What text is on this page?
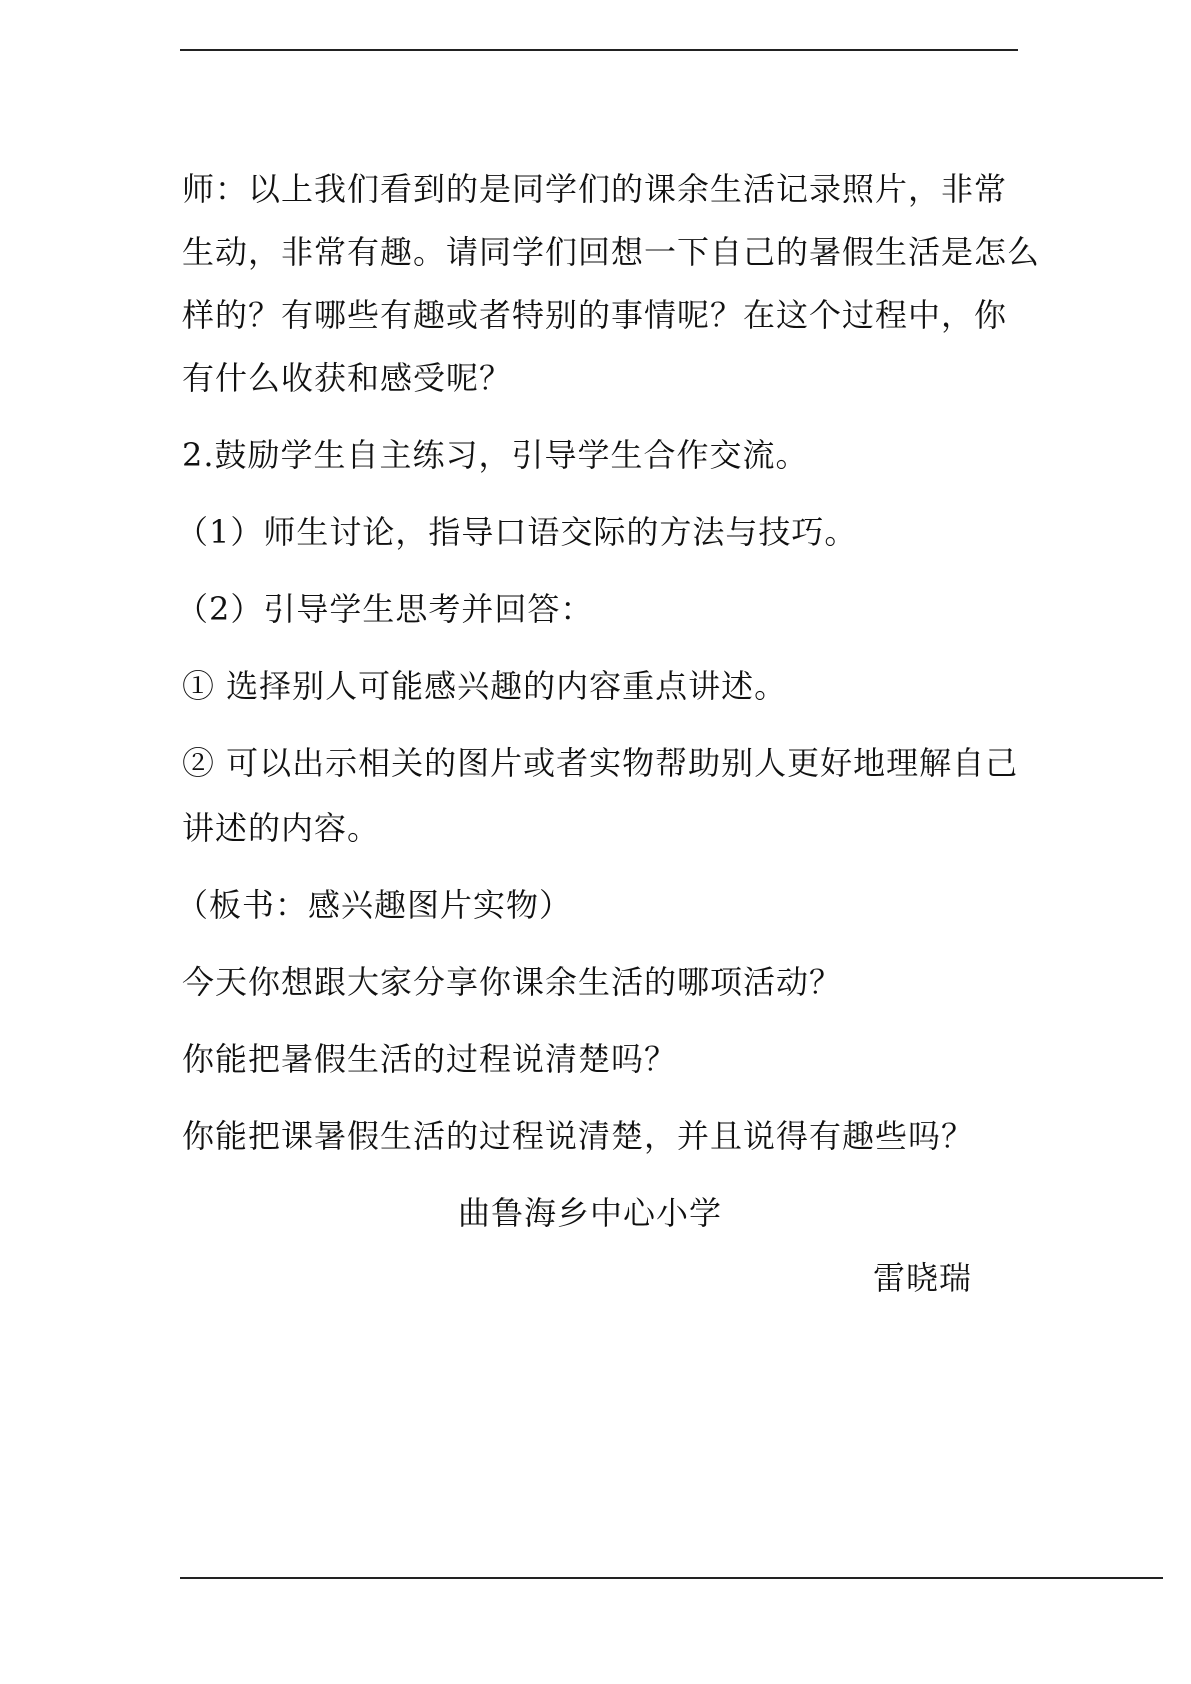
师：以上我们看到的是同学们的课余生活记录照片，非常
生动，非常有趣。请同学们回想一下自己的暑假生活是怎么
样的？有哪些有趣或者特别的事情呢？在这个过程中，你
有什么收获和感受呢？
2.鼓励学生自主练习，引导学生合作交流。
（1）师生讨论，指导口语交际的方法与技巧。
（2）引导学生思考并回答：
① 选择别人可能感兴趣的内容重点讲述。
② 可以出示相关的图片或者实物帮助别人更好地理解自己
讲述的内容。
（板书：感兴趣图片实物）
今天你想跟大家分享你课余生活的哪项活动？
你能把暑假生活的过程说清楚吗？
你能把课暑假生活的过程说清楚，并且说得有趣些吗？
曲鲁海乡中心小学
雷晓瑞
